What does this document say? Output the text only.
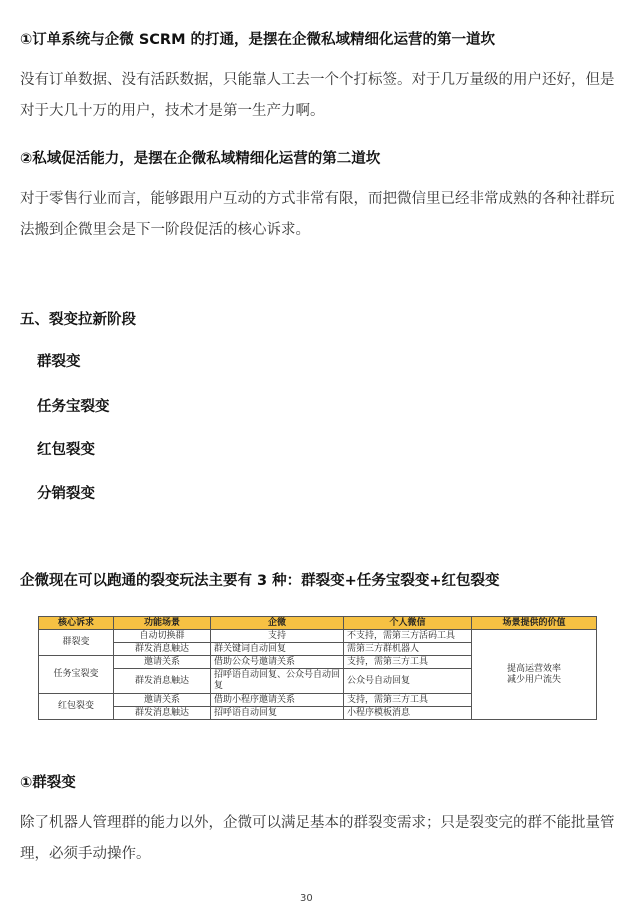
①订单系统与企微 SCRM 的打通，是摆在企微私域精细化运营的第一道坎
没有订单数据、没有活跃数据，只能靠人工去一个个打标签。对于几万量级的用户还好，但是对于大几十万的用户，技术才是第一生产力啊。
②私域促活能力，是摆在企微私域精细化运营的第二道坎
对于零售行业而言，能够跟用户互动的方式非常有限，而把微信里已经非常成熟的各种社群玩法搬到企微里会是下一阶段促活的核心诉求。
五、裂变拉新阶段
群裂变
任务宝裂变
红包裂变
分销裂变
企微现在可以跑通的裂变玩法主要有 3 种：群裂变+任务宝裂变+红包裂变
核心诉求	功能场景	企微	个人微信	场景提供的价值
群裂变	自动切换群	支持	不支持，需第三方活码工具	提高运营效率
减少用户流失
	群发消息触达	群关键词自动回复	需第三方群机器人	
任务宝裂变	邀请关系	借助公众号邀请关系	支持，需第三方工具	
	群发消息触达	招呼语自动回复、公众号自动回复	公众号自动回复	
红包裂变	邀请关系	借助小程序邀请关系	支持，需第三方工具	
	群发消息触达	招呼语自动回复	小程序模板消息	
①群裂变
除了机器人管理群的能力以外，企微可以满足基本的群裂变需求；只是裂变完的群不能批量管理，必须手动操作。
30
